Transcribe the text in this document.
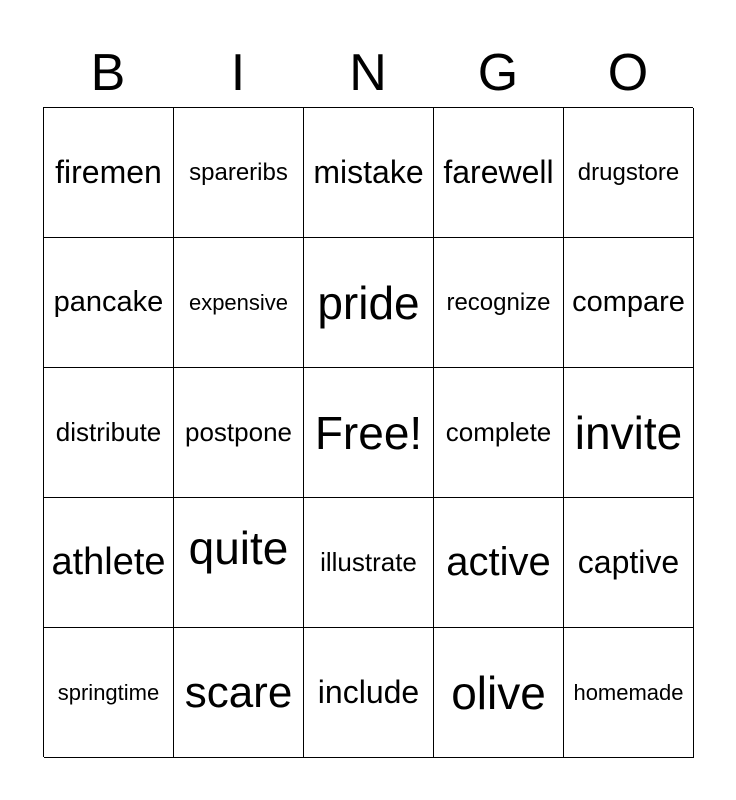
B	I	N	G	O
firemen spareribs mistake farewell drugstore
pancake expensive pride recognize compare
distribute postpone Free! complete invite
athlete quite illustrate active captive
springtime scare include olive homemade
